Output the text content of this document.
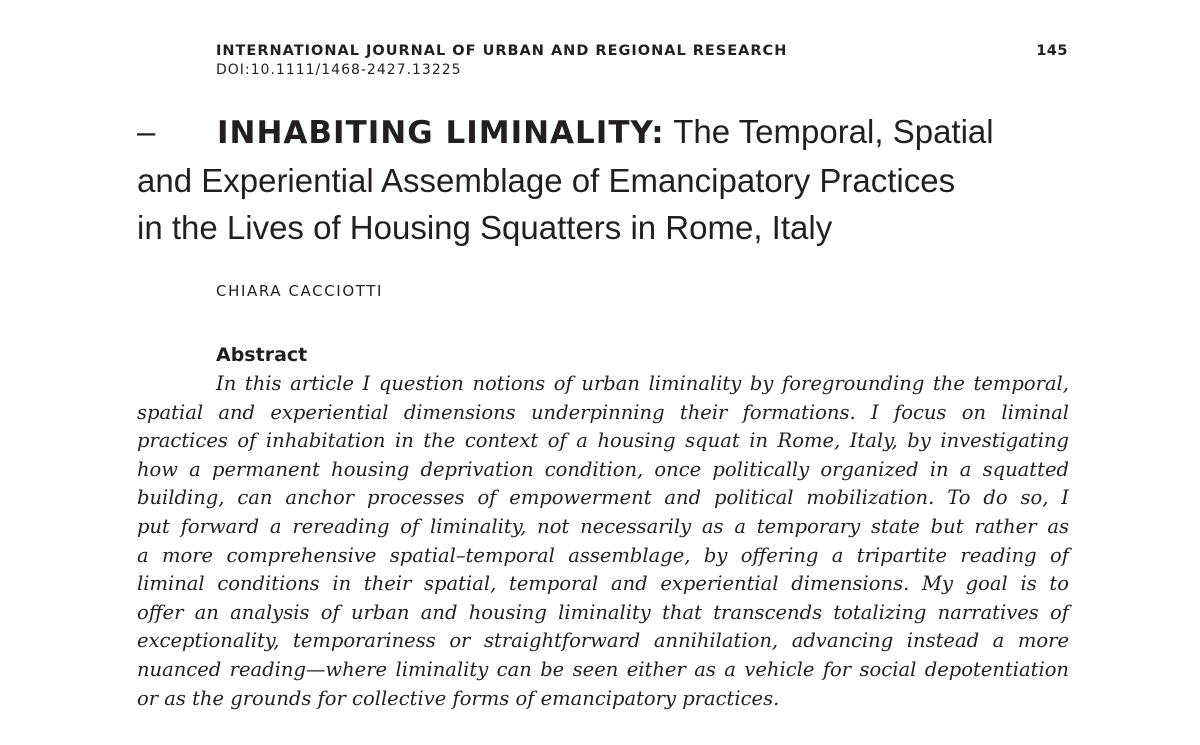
INTERNATIONAL JOURNAL OF URBAN AND REGIONAL RESEARCH
DOI:10.1111/1468-2427.13225
145
– INHABITING LIMINALITY: The Temporal, Spatial
and Experiential Assemblage of Emancipatory Practices
in the Lives of Housing Squatters in Rome, Italy
CHIARA CACCIOTTI
Abstract

In this article I question notions of urban liminality by foregrounding the temporal,
spatial and experiential dimensions underpinning their formations. I focus on liminal
practices of inhabitation in the context of a housing squat in Rome, Italy, by investigating
how a permanent housing deprivation condition, once politically organized in a squatted
building, can anchor processes of empowerment and political mobilization. To do so, I
put forward a rereading of liminality, not necessarily as a temporary state but rather as
a more comprehensive spatial–temporal assemblage, by offering a tripartite reading of
liminal conditions in their spatial, temporal and experiential dimensions. My goal is to
offer an analysis of urban and housing liminality that transcends totalizing narratives of
exceptionality, temporariness or straightforward annihilation, advancing instead a more
nuanced reading—where liminality can be seen either as a vehicle for social depotentiation
or as the grounds for collective forms of emancipatory practices.
